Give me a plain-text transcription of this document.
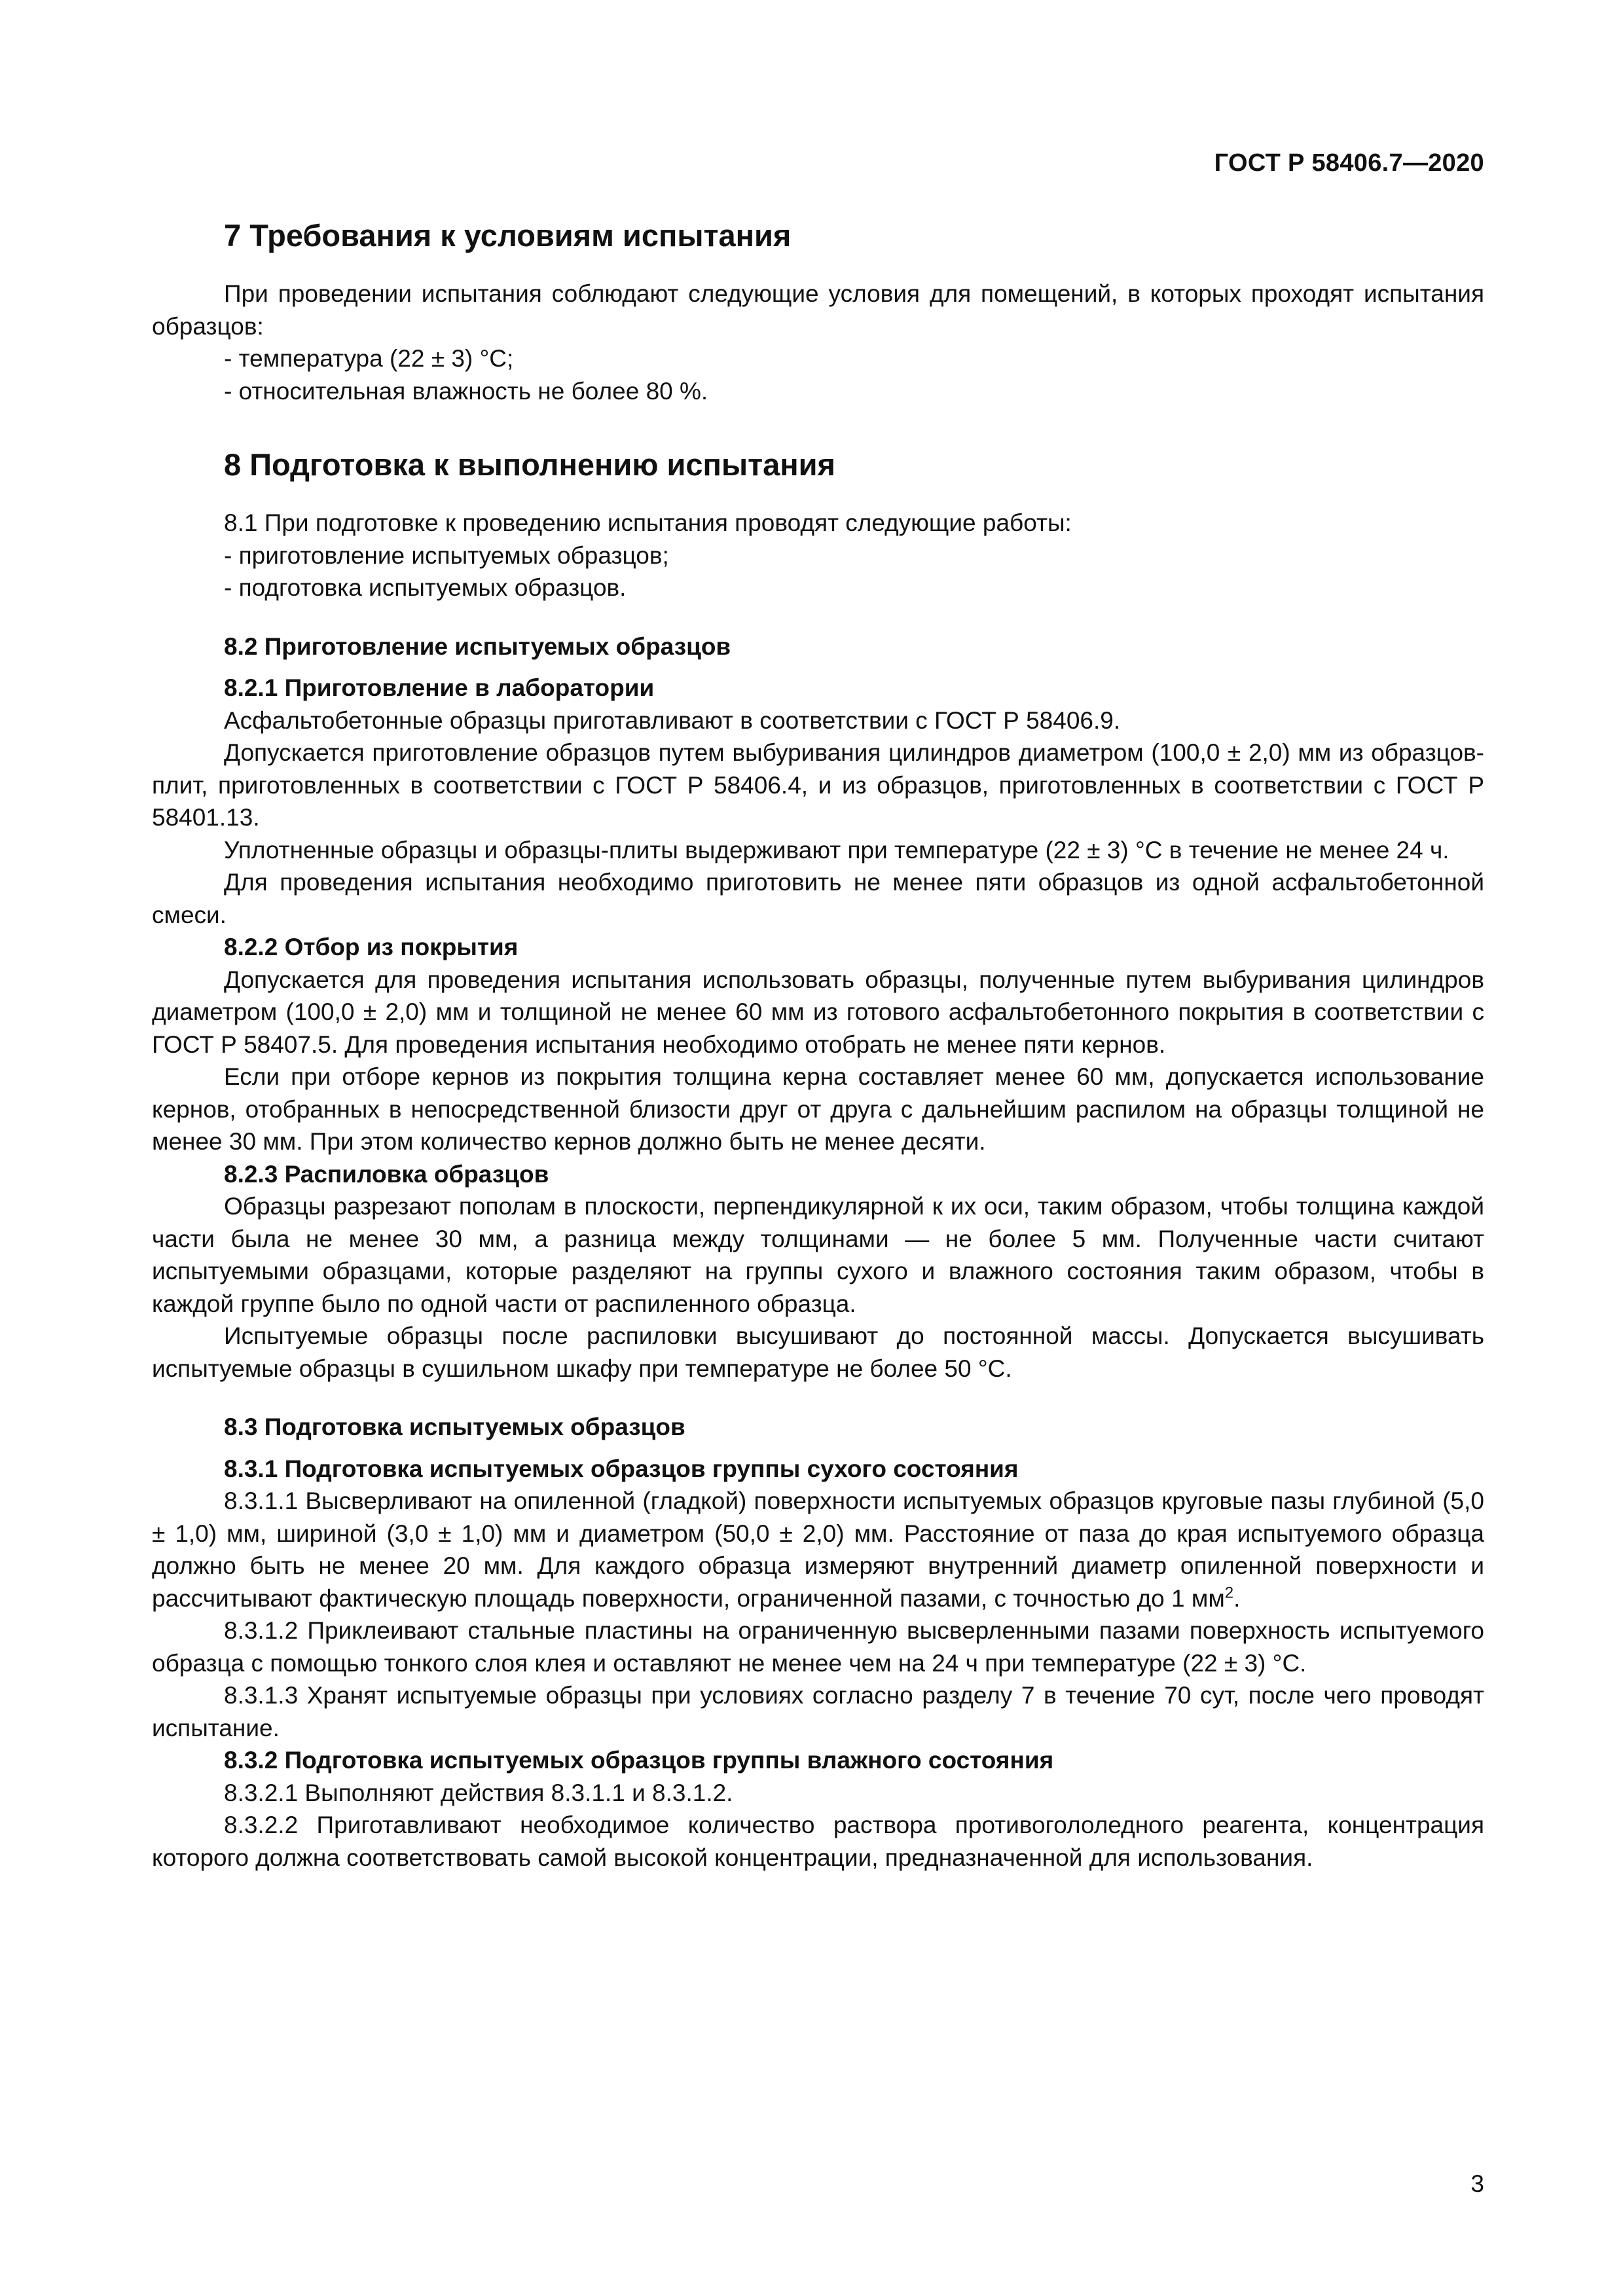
ГОСТ Р 58406.7—2020
7 Требования к условиям испытания

При проведении испытания соблюдают следующие условия для помещений, в которых проходят испытания образцов:

- температура (22 ± 3) °С;

- относительная влажность не более 80 %.

8 Подготовка к выполнению испытания

8.1 При подготовке к проведению испытания проводят следующие работы:

- приготовление испытуемых образцов;

- подготовка испытуемых образцов.

8.2 Приготовление испытуемых образцов
8.2.1 Приготовление в лаборатории

Асфальтобетонные образцы приготавливают в соответствии с ГОСТ Р 58406.9.

Допускается приготовление образцов путем выбуривания цилиндров диаметром (100,0 ± 2,0) мм из образцов-плит, приготовленных в соответствии с ГОСТ Р 58406.4, и из образцов, приготовленных в соответствии с ГОСТ Р 58401.13.

Уплотненные образцы и образцы-плиты выдерживают при температуре (22 ± 3) °С в течение не менее 24 ч.

Для проведения испытания необходимо приготовить не менее пяти образцов из одной асфальтобетонной смеси.

8.2.2 Отбор из покрытия

Допускается для проведения испытания использовать образцы, полученные путем выбуривания цилиндров диаметром (100,0 ± 2,0) мм и толщиной не менее 60 мм из готового асфальтобетонного покрытия в соответствии с ГОСТ Р 58407.5. Для проведения испытания необходимо отобрать не менее пяти кернов.

Если при отборе кернов из покрытия толщина керна составляет менее 60 мм, допускается использование кернов, отобранных в непосредственной близости друг от друга с дальнейшим распилом на образцы толщиной не менее 30 мм. При этом количество кернов должно быть не менее десяти.

8.2.3 Распиловка образцов

Образцы разрезают пополам в плоскости, перпендикулярной к их оси, таким образом, чтобы толщина каждой части была не менее 30 мм, а разница между толщинами — не более 5 мм. Полученные части считают испытуемыми образцами, которые разделяют на группы сухого и влажного состояния таким образом, чтобы в каждой группе было по одной части от распиленного образца.

Испытуемые образцы после распиловки высушивают до постоянной массы. Допускается высушивать испытуемые образцы в сушильном шкафу при температуре не более 50 °С.

8.3 Подготовка испытуемых образцов
8.3.1 Подготовка испытуемых образцов группы сухого состояния

8.3.1.1 Высверливают на опиленной (гладкой) поверхности испытуемых образцов круговые пазы глубиной (5,0 ± 1,0) мм, шириной (3,0 ± 1,0) мм и диаметром (50,0 ± 2,0) мм. Расстояние от паза до края испытуемого образца должно быть не менее 20 мм. Для каждого образца измеряют внутренний диаметр опиленной поверхности и рассчитывают фактическую площадь поверхности, ограниченной пазами, с точностью до 1 $мм^2$.

8.3.1.2 Приклеивают стальные пластины на ограниченную высверленными пазами поверхность испытуемого образца с помощью тонкого слоя клея и оставляют не менее чем на 24 ч при температуре (22 ± 3) °С.

8.3.1.3 Хранят испытуемые образцы при условиях согласно разделу 7 в течение 70 сут, после чего проводят испытание.

8.3.2 Подготовка испытуемых образцов группы влажного состояния

8.3.2.1 Выполняют действия 8.3.1.1 и 8.3.1.2.

8.3.2.2 Приготавливают необходимое количество раствора противогололедного реагента, концентрация которого должна соответствовать самой высокой концентрации, предназначенной для использования.

3
